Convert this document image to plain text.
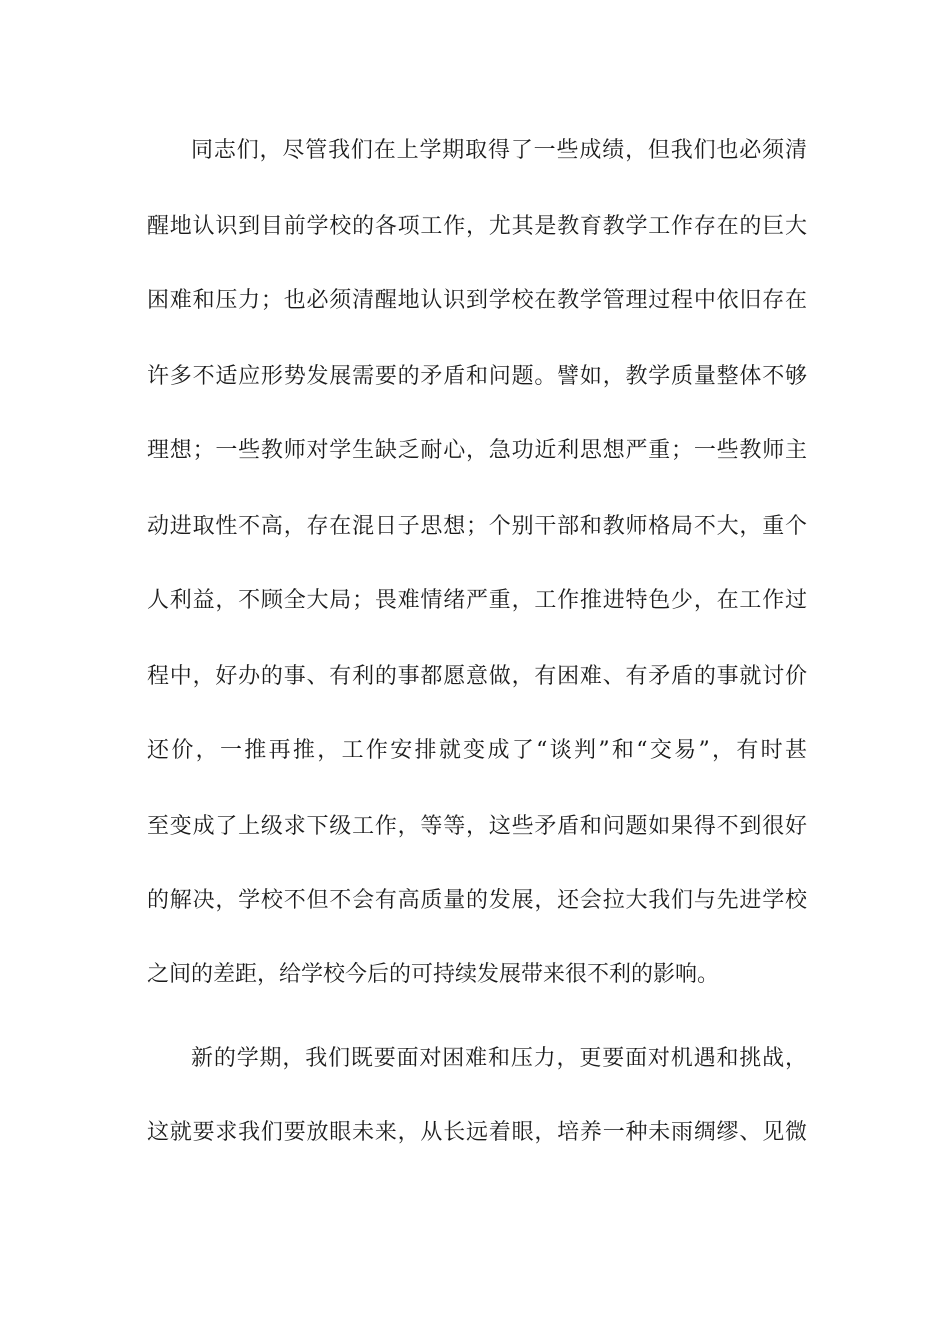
同志们，尽管我们在上学期取得了一些成绩，但我们也必须清
醒地认识到目前学校的各项工作，尤其是教育教学工作存在的巨大
困难和压力；也必须清醒地认识到学校在教学管理过程中依旧存在
许多不适应形势发展需要的矛盾和问题。譬如，教学质量整体不够
理想；一些教师对学生缺乏耐心，急功近利思想严重；一些教师主
动进取性不高，存在混日子思想；个别干部和教师格局不大，重个
人利益，不顾全大局；畏难情绪严重，工作推进特色少，在工作过
程中，好办的事、有利的事都愿意做，有困难、有矛盾的事就讨价
还价，一推再推，工作安排就变成了“谈判”和“交易”，有时甚
至变成了上级求下级工作，等等，这些矛盾和问题如果得不到很好
的解决，学校不但不会有高质量的发展，还会拉大我们与先进学校
之间的差距，给学校今后的可持续发展带来很不利的影响。
新的学期，我们既要面对困难和压力，更要面对机遇和挑战，
这就要求我们要放眼未来，从长远着眼，培养一种未雨绸缪、见微
